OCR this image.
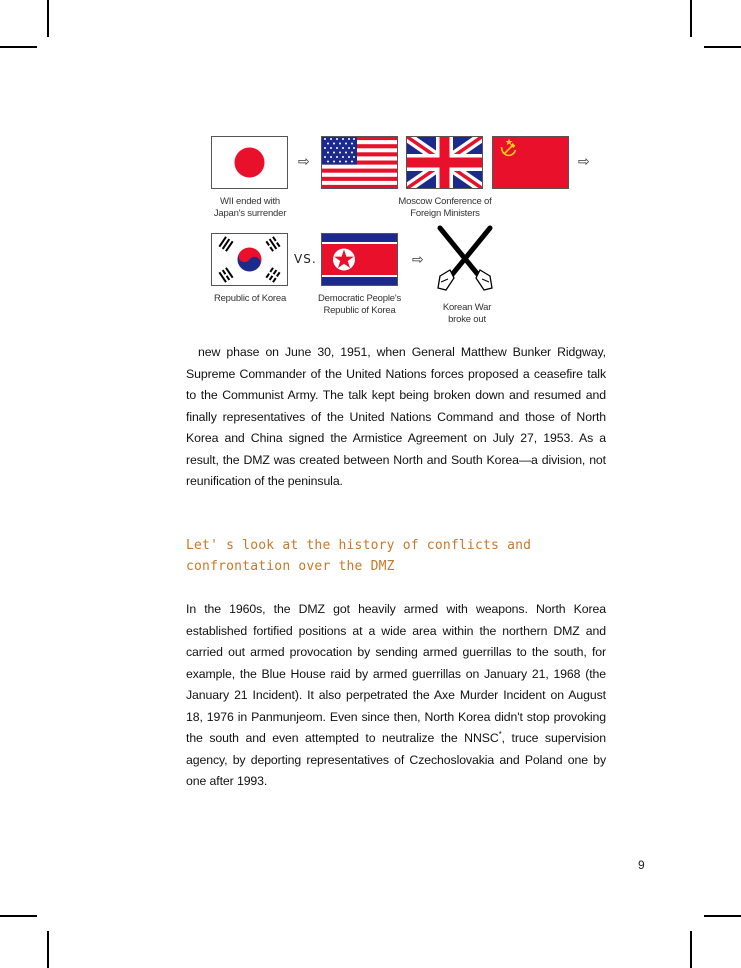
⇨	⇨
WII ended with
Japan's surrender
Moscow Conference of
Foreign Ministers
VS.	⇨
Republic of Korea	Democratic People's
Republic of Korea	Korean War
broke out

new phase on June 30, 1951, when General Matthew Bunker Ridgway, Supreme Commander of the United Nations forces proposed a ceasefire talk to the Communist Army. The talk kept being broken down and resumed and finally representatives of the United Nations Command and those of North Korea and China signed the Armistice Agreement on July 27, 1953. As a result, the DMZ was created between North and South Korea—a division, not reunification of the peninsula.

Let' s look at the history of conflicts and confrontation over the DMZ

In the 1960s, the DMZ got heavily armed with weapons. North Korea established fortified positions at a wide area within the northern DMZ and carried out armed provocation by sending armed guerrillas to the south, for example, the Blue House raid by armed guerrillas on January 21, 1968 (the January 21 Incident). It also perpetrated the Axe Murder Incident on August 18, 1976 in Panmunjeom. Even since then, North Korea didn't stop provoking the south and even attempted to neutralize the NNSC*, truce supervision agency, by deporting representatives of Czechoslovakia and Poland one by one after 1993.

9
